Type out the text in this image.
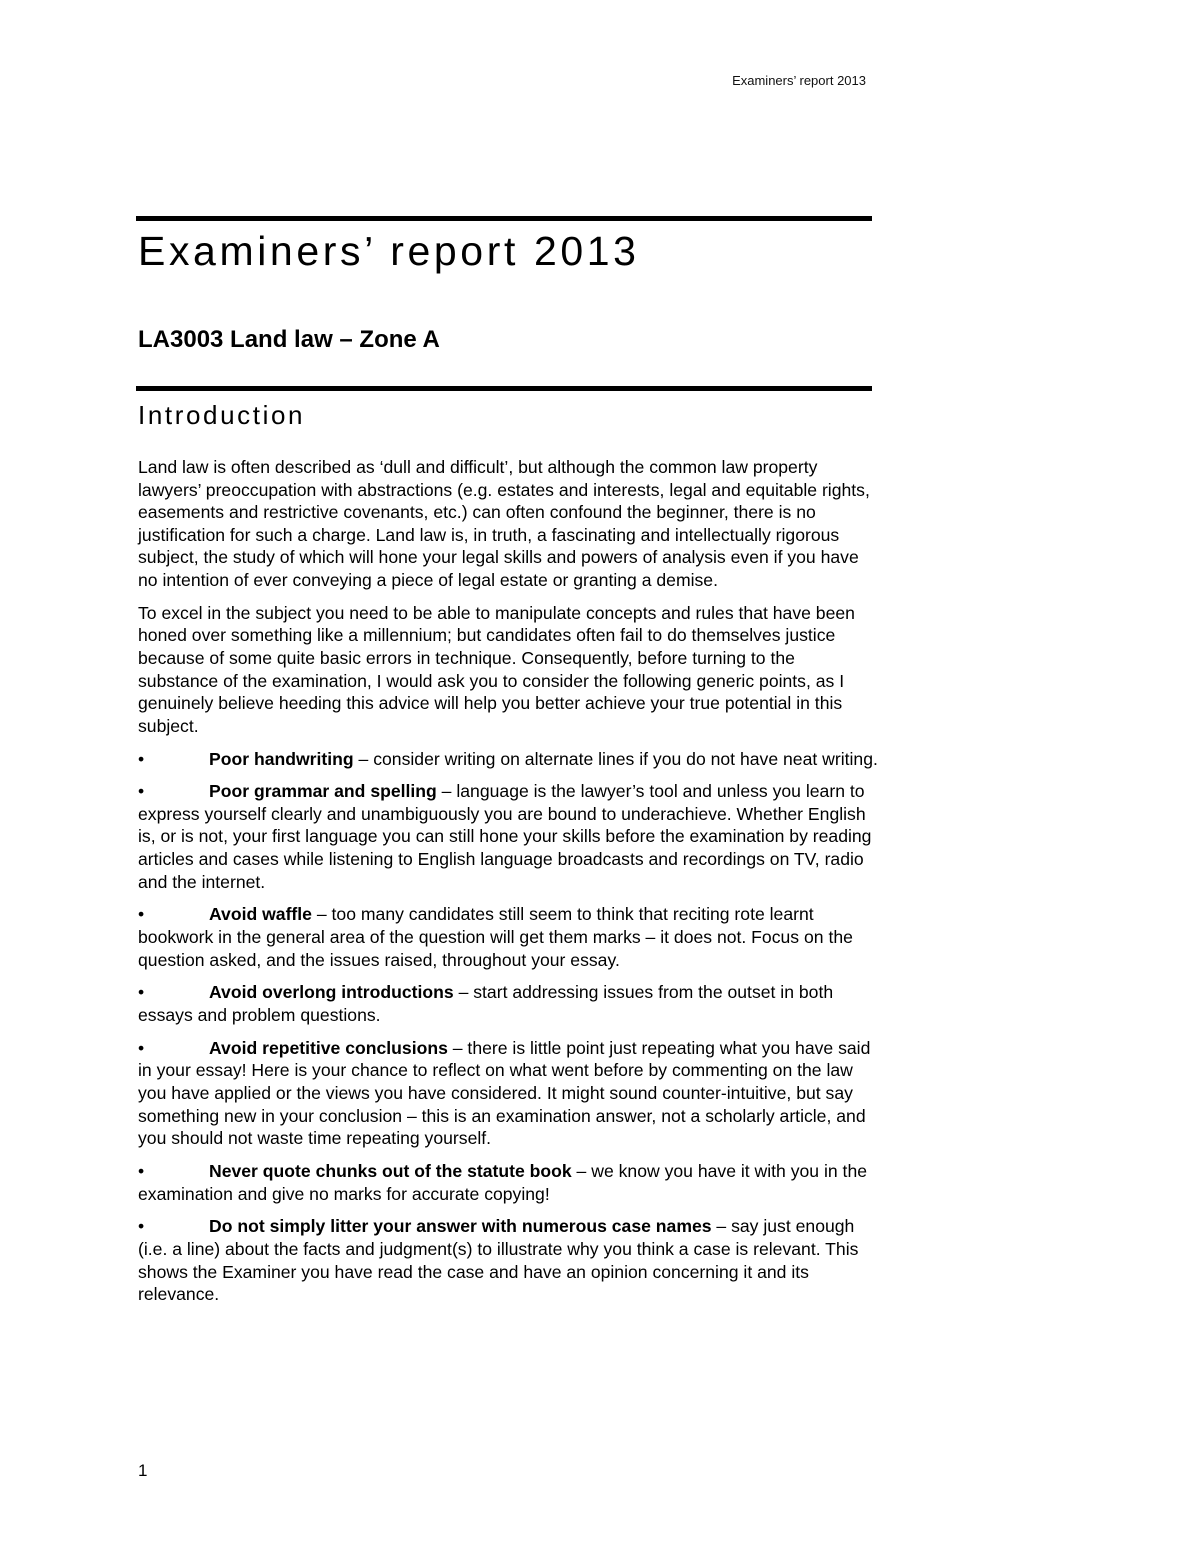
Examiners’ report 2013
Examiners’ report 2013
LA3003 Land law – Zone A
Introduction

Land law is often described as ‘dull and difficult’, but although the common law property lawyers’ preoccupation with abstractions (e.g. estates and interests, legal and equitable rights, easements and restrictive covenants, etc.) can often confound the beginner, there is no justification for such a charge. Land law is, in truth, a fascinating and intellectually rigorous subject, the study of which will hone your legal skills and powers of analysis even if you have no intention of ever conveying a piece of legal estate or granting a demise.

To excel in the subject you need to be able to manipulate concepts and rules that have been honed over something like a millennium; but candidates often fail to do themselves justice because of some quite basic errors in technique. Consequently, before turning to the substance of the examination, I would ask you to consider the following generic points, as I genuinely believe heeding this advice will help you better achieve your true potential in this subject.

•	Poor handwriting – consider writing on alternate lines if you do not have neat writing.
•	Poor grammar and spelling – language is the lawyer’s tool and unless you learn to express yourself clearly and unambiguously you are bound to underachieve. Whether English is, or is not, your first language you can still hone your skills before the examination by reading articles and cases while listening to English language broadcasts and recordings on TV, radio and the internet.
•	Avoid waffle – too many candidates still seem to think that reciting rote learnt bookwork in the general area of the question will get them marks – it does not. Focus on the question asked, and the issues raised, throughout your essay.
•	Avoid overlong introductions – start addressing issues from the outset in both essays and problem questions.
•	Avoid repetitive conclusions – there is little point just repeating what you have said in your essay! Here is your chance to reflect on what went before by commenting on the law you have applied or the views you have considered. It might sound counter-intuitive, but say something new in your conclusion – this is an examination answer, not a scholarly article, and you should not waste time repeating yourself.
•	Never quote chunks out of the statute book – we know you have it with you in the examination and give no marks for accurate copying!
•	Do not simply litter your answer with numerous case names – say just enough (i.e. a line) about the facts and judgment(s) to illustrate why you think a case is relevant. This shows the Examiner you have read the case and have an opinion concerning it and its relevance.
1
